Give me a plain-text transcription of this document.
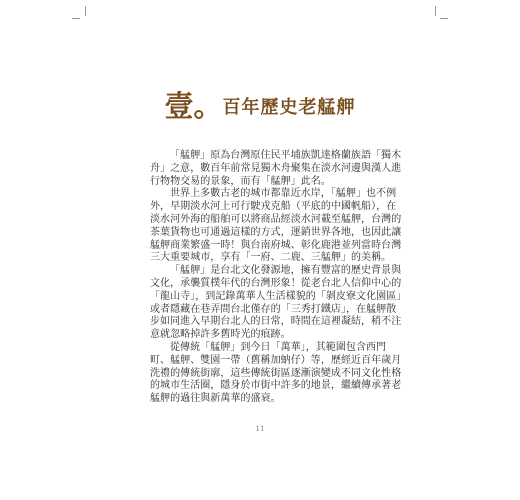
壹。百年歷史老艋舺

「艋舺」原為台灣原住民平埔族凱達格蘭族語「獨木舟」之意，數百年前常見獨木舟聚集在淡水河邊與漢人進行物物交易的景象，而有「艋舺」此名。

世界上多數古老的城市都靠近水岸，「艋舺」也不例外，早期淡水河上可行駛戎克船（平底的中國帆船），在淡水河外海的船舶可以將商品經淡水河載至艋舺，台灣的茶葉貨物也可通過這樣的方式，運銷世界各地，也因此讓艋舺商業繁盛一時！與台南府城、彰化鹿港並列當時台灣三大重要城市，享有「一府、二鹿、三艋舺」的美稱。

「艋舺」是台北文化發源地，擁有豐富的歷史背景與文化，承襲質樸年代的台灣形象！從老台北人信仰中心的「龍山寺」，到記錄萬華人生活樣貌的「剝皮寮文化園區」或者隱藏在巷弄間台北僅存的「三秀打鐵店」，在艋舺散步如同進入早期台北人的日常，時間在這裡凝結，稍不注意就忽略掉許多舊時光的痕跡。

從傳統「艋舺」到今日「萬華」，其範圍包含西門町、艋舺、雙園一帶（舊稱加蚋仔）等，歷經近百年歲月洗禮的傳統街廓，這些傳統街區逐漸演變成不同文化性格的城市生活圈，隱身於市街中許多的地景，繼續傳承著老艋舺的過往與新萬華的盛衰。

11
